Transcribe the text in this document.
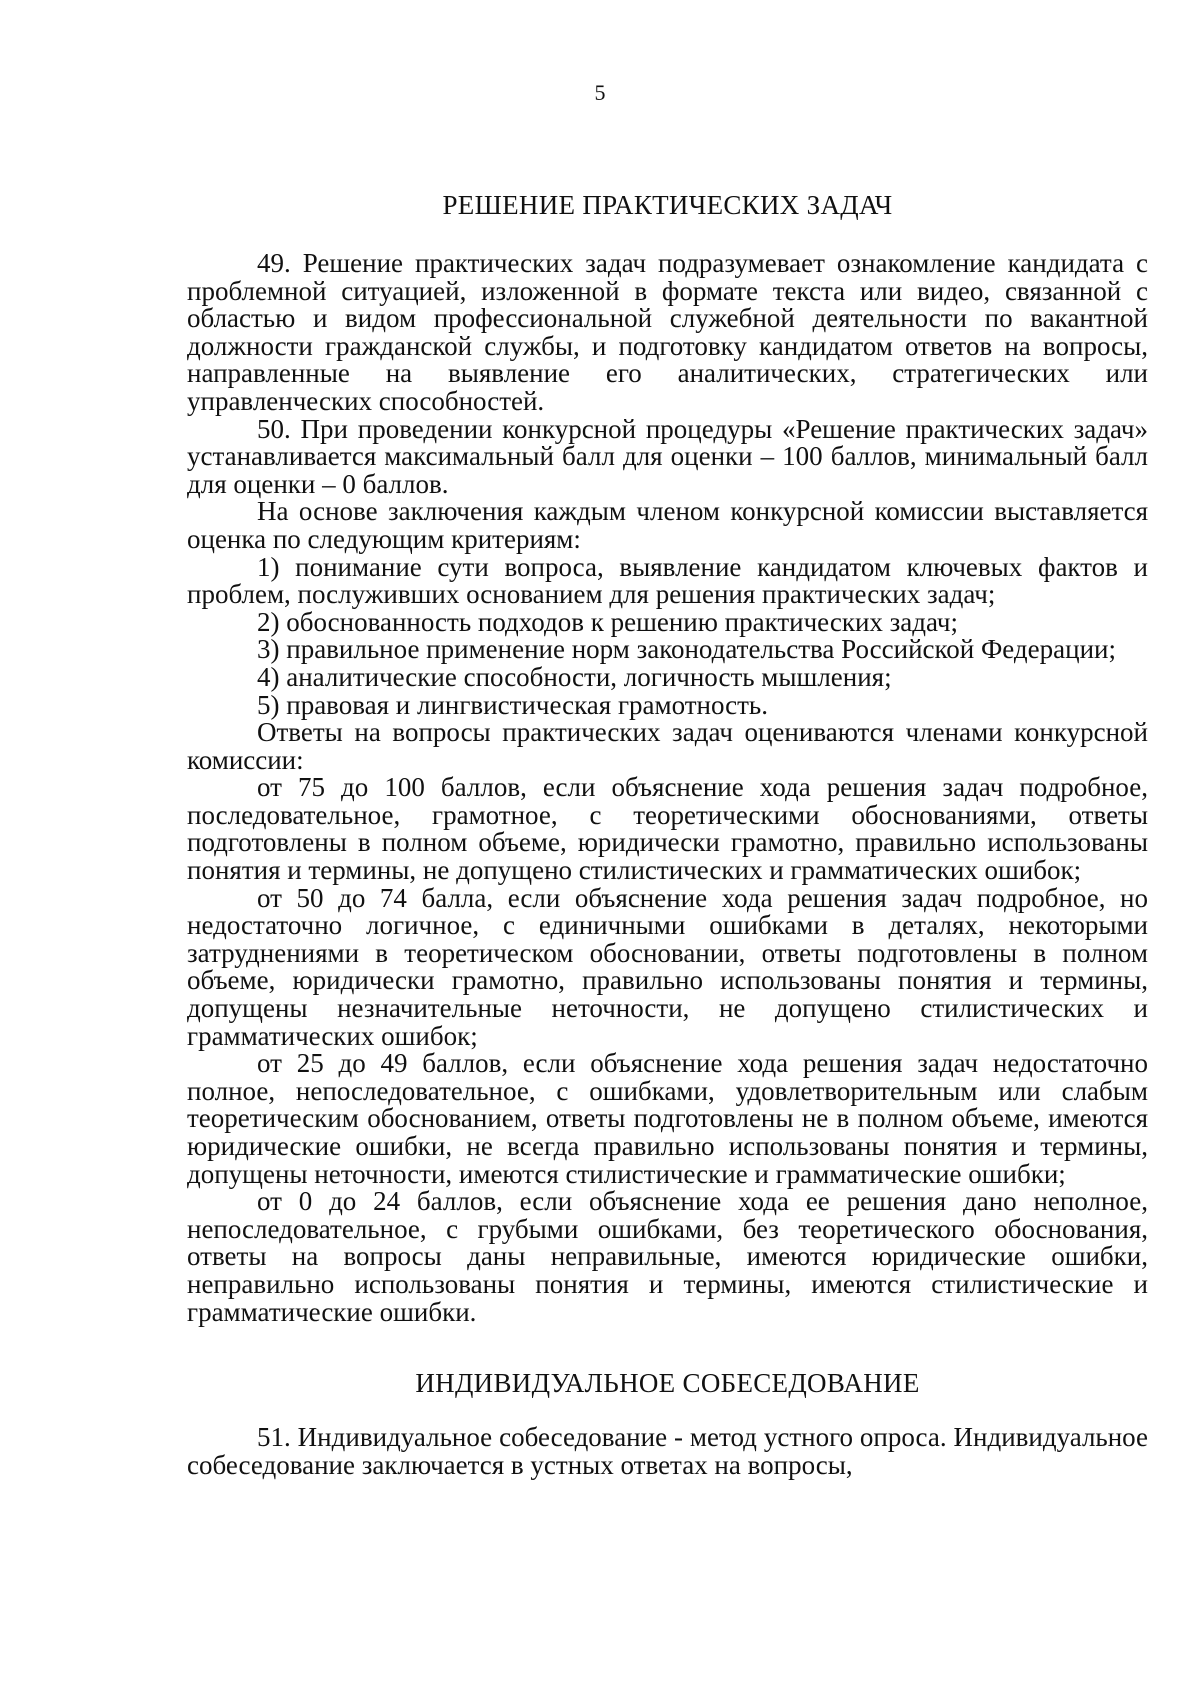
5
РЕШЕНИЕ ПРАКТИЧЕСКИХ ЗАДАЧ

49. Решение практических задач подразумевает ознакомление кандидата с проблемной ситуацией, изложенной в формате текста или видео, связанной с областью и видом профессиональной служебной деятельности по вакантной должности гражданской службы, и подготовку кандидатом ответов на вопросы, направленные на выявление его аналитических, стратегических или управленческих способностей.

50. При проведении конкурсной процедуры «Решение практических задач» устанавливается максимальный балл для оценки – 100 баллов, минимальный балл для оценки – 0 баллов.

На основе заключения каждым членом конкурсной комиссии выставляется оценка по следующим критериям:

1) понимание сути вопроса, выявление кандидатом ключевых фактов и проблем, послуживших основанием для решения практических задач;

2) обоснованность подходов к решению практических задач;

3) правильное применение норм законодательства Российской Федерации;

4) аналитические способности, логичность мышления;

5) правовая и лингвистическая грамотность.

Ответы на вопросы практических задач оцениваются членами конкурсной комиссии:

от 75 до 100 баллов, если объяснение хода решения задач подробное, последовательное, грамотное, с теоретическими обоснованиями, ответы подготовлены в полном объеме, юридически грамотно, правильно использованы понятия и термины, не допущено стилистических и грамматических ошибок;

от 50 до 74 балла, если объяснение хода решения задач подробное, но недостаточно логичное, с единичными ошибками в деталях, некоторыми затруднениями в теоретическом обосновании, ответы подготовлены в полном объеме, юридически грамотно, правильно использованы понятия и термины, допущены незначительные неточности, не допущено стилистических и грамматических ошибок;

от 25 до 49 баллов, если объяснение хода решения задач недостаточно полное, непоследовательное, с ошибками, удовлетворительным или слабым теоретическим обоснованием, ответы подготовлены не в полном объеме, имеются юридические ошибки, не всегда правильно использованы понятия и термины, допущены неточности, имеются стилистические и грамматические ошибки;

от 0 до 24 баллов, если объяснение хода ее решения дано неполное, непоследовательное, с грубыми ошибками, без теоретического обоснования, ответы на вопросы даны неправильные, имеются юридические ошибки, неправильно использованы понятия и термины, имеются стилистические и грамматические ошибки.

ИНДИВИДУАЛЬНОЕ СОБЕСЕДОВАНИЕ

51. Индивидуальное собеседование - метод устного опроса. Индивидуальное собеседование заключается в устных ответах на вопросы,
